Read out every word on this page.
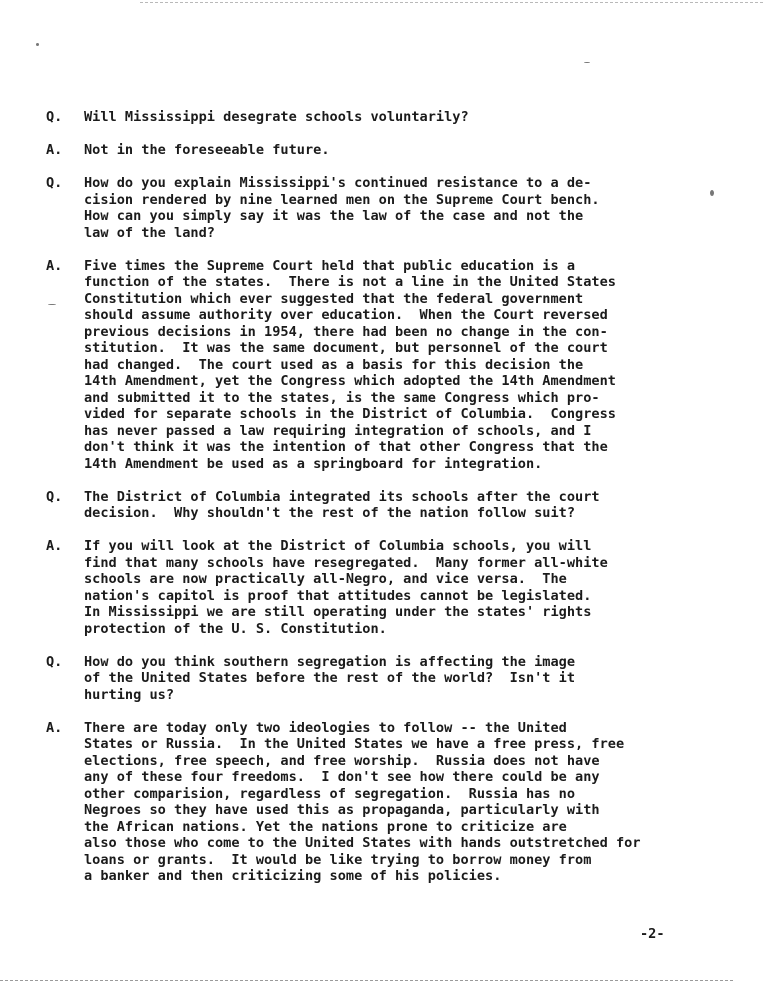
Q.	Will Mississippi desegrate schools voluntarily?
A.	Not in the foreseeable future.
Q.	How do you explain Mississippi's continued resistance to a de-
cision rendered by nine learned men on the Supreme Court bench.
How can you simply say it was the law of the case and not the
law of the land?
A.	Five times the Supreme Court held that public education is a
function of the states.  There is not a line in the United States
Constitution which ever suggested that the federal government
should assume authority over education.  When the Court reversed
previous decisions in 1954, there had been no change in the con-
stitution.  It was the same document, but personnel of the court
had changed.  The court used as a basis for this decision the
14th Amendment, yet the Congress which adopted the 14th Amendment
and submitted it to the states, is the same Congress which pro-
vided for separate schools in the District of Columbia.  Congress
has never passed a law requiring integration of schools, and I
don't think it was the intention of that other Congress that the
14th Amendment be used as a springboard for integration.
Q.	The District of Columbia integrated its schools after the court
decision.  Why shouldn't the rest of the nation follow suit?
A.	If you will look at the District of Columbia schools, you will
find that many schools have resegregated.  Many former all-white
schools are now practically all-Negro, and vice versa.  The
nation's capitol is proof that attitudes cannot be legislated.
In Mississippi we are still operating under the states' rights
protection of the U. S. Constitution.
Q.	How do you think southern segregation is affecting the image
of the United States before the rest of the world?  Isn't it
hurting us?
A.	There are today only two ideologies to follow -- the United
States or Russia.  In the United States we have a free press, free
elections, free speech, and free worship.  Russia does not have
any of these four freedoms.  I don't see how there could be any
other comparision, regardless of segregation.  Russia has no
Negroes so they have used this as propaganda, particularly with
the African nations. Yet the nations prone to criticize are
also those who come to the United States with hands outstretched for
loans or grants.  It would be like trying to borrow money from
a banker and then criticizing some of his policies.
-2-
